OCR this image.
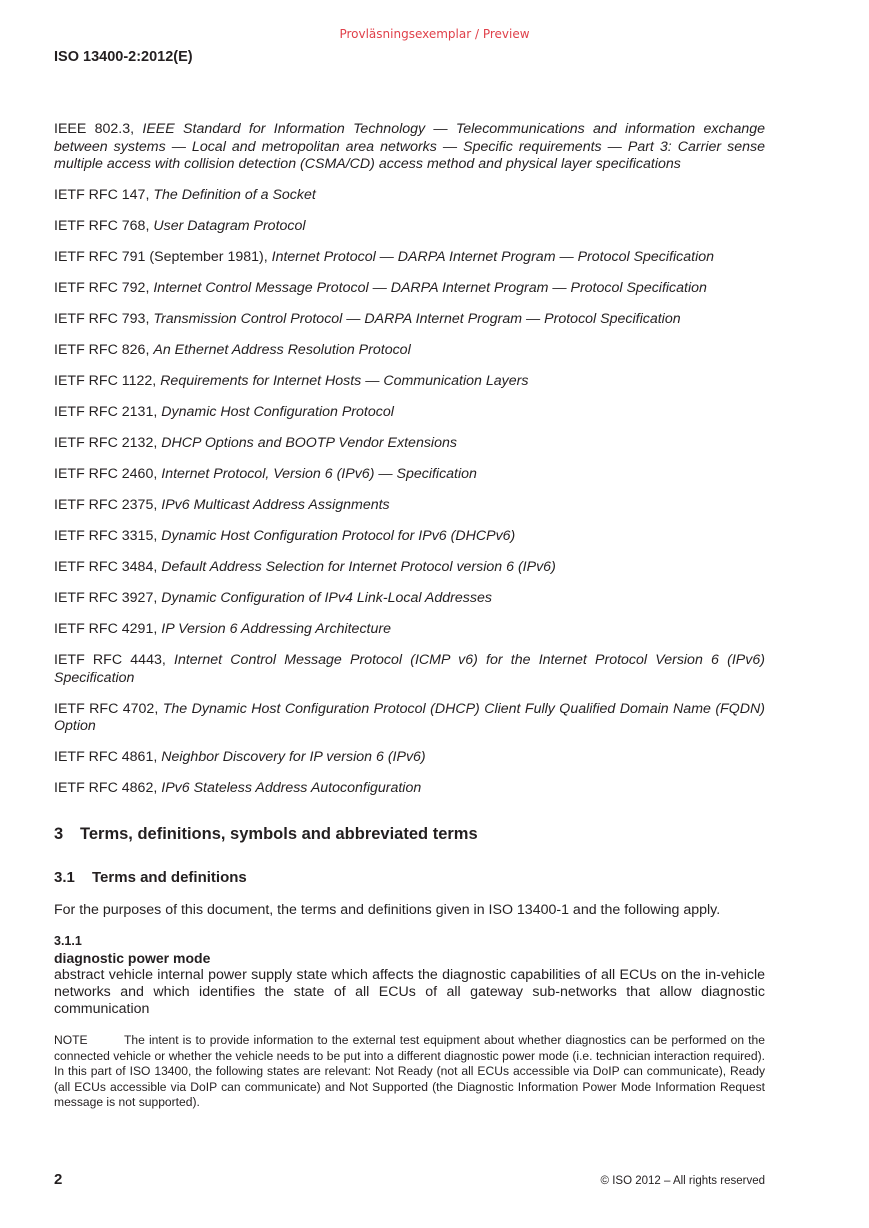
Provläsningsexemplar / Preview
ISO 13400-2:2012(E)

IEEE 802.3, IEEE Standard for Information Technology — Telecommunications and information exchange between systems — Local and metropolitan area networks — Specific requirements — Part 3: Carrier sense multiple access with collision detection (CSMA/CD) access method and physical layer specifications

IETF RFC 147, The Definition of a Socket

IETF RFC 768, User Datagram Protocol

IETF RFC 791 (September 1981), Internet Protocol — DARPA Internet Program — Protocol Specification

IETF RFC 792, Internet Control Message Protocol — DARPA Internet Program — Protocol Specification

IETF RFC 793, Transmission Control Protocol — DARPA Internet Program — Protocol Specification

IETF RFC 826, An Ethernet Address Resolution Protocol

IETF RFC 1122, Requirements for Internet Hosts — Communication Layers

IETF RFC 2131, Dynamic Host Configuration Protocol

IETF RFC 2132, DHCP Options and BOOTP Vendor Extensions

IETF RFC 2460, Internet Protocol, Version 6 (IPv6) — Specification

IETF RFC 2375, IPv6 Multicast Address Assignments

IETF RFC 3315, Dynamic Host Configuration Protocol for IPv6 (DHCPv6)

IETF RFC 3484, Default Address Selection for Internet Protocol version 6 (IPv6)

IETF RFC 3927, Dynamic Configuration of IPv4 Link-Local Addresses

IETF RFC 4291, IP Version 6 Addressing Architecture

IETF RFC 4443, Internet Control Message Protocol (ICMP v6) for the Internet Protocol Version 6 (IPv6) Specification

IETF RFC 4702, The Dynamic Host Configuration Protocol (DHCP) Client Fully Qualified Domain Name (FQDN) Option

IETF RFC 4861, Neighbor Discovery for IP version 6 (IPv6)

IETF RFC 4862, IPv6 Stateless Address Autoconfiguration

3 Terms, definitions, symbols and abbreviated terms
3.1 Terms and definitions
For the purposes of this document, the terms and definitions given in ISO 13400-1 and the following apply.
3.1.1
diagnostic power mode
abstract vehicle internal power supply state which affects the diagnostic capabilities of all ECUs on the in-vehicle networks and which identifies the state of all ECUs of all gateway sub-networks that allow diagnostic communication
NOTE	The intent is to provide information to the external test equipment about whether diagnostics can be performed on the connected vehicle or whether the vehicle needs to be put into a different diagnostic power mode (i.e. technician interaction required). In this part of ISO 13400, the following states are relevant: Not Ready (not all ECUs accessible via DoIP can communicate), Ready (all ECUs accessible via DoIP can communicate) and Not Supported (the Diagnostic Information Power Mode Information Request message is not supported).
2	© ISO 2012 – All rights reserved
